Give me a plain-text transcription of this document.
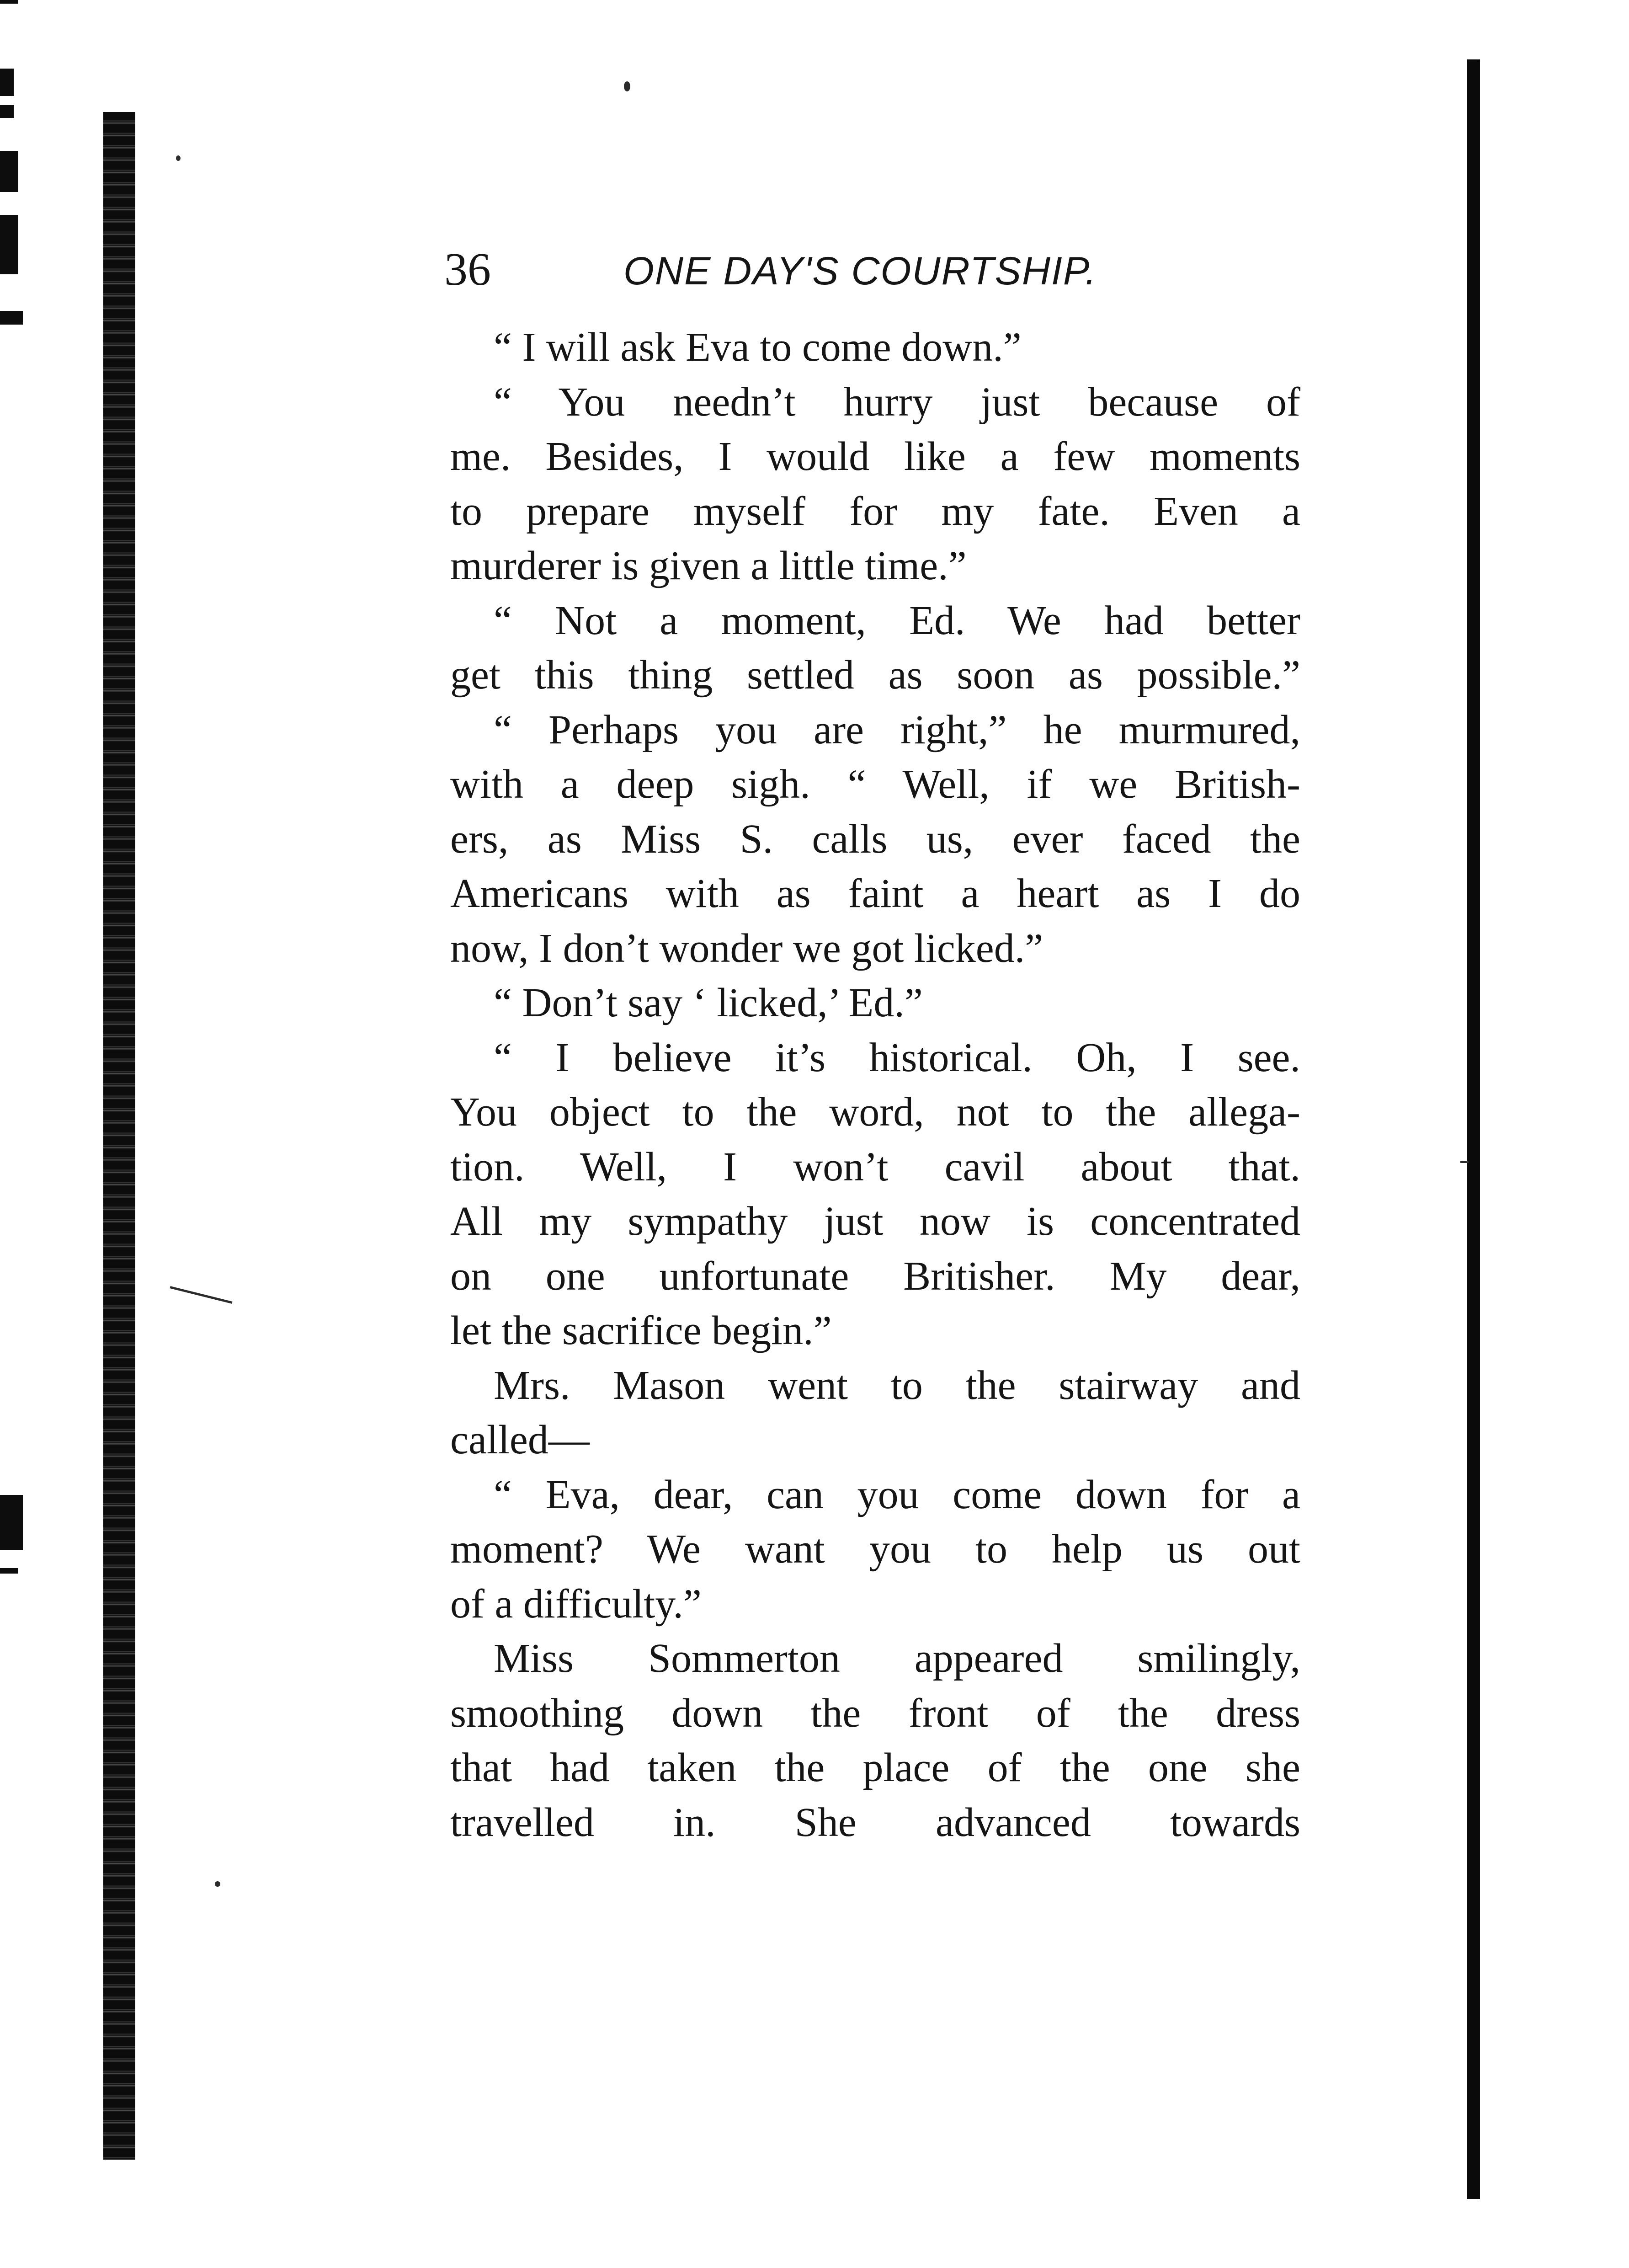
36	ONE DAY'S COURTSHIP.
“ I will ask Eva to come down.”
“ You needn’t hurry just because of
me. Besides, I would like a few moments
to prepare myself for my fate. Even a
murderer is given a little time.”
“ Not a moment, Ed. We had better
get this thing settled as soon as possible.”
“ Perhaps you are right,” he murmured,
with a deep sigh. “ Well, if we British-
ers, as Miss S. calls us, ever faced the
Americans with as faint a heart as I do
now, I don’t wonder we got licked.”
“ Don’t say ‘ licked,’ Ed.”
“ I believe it’s historical. Oh, I see.
You object to the word, not to the allega-
tion. Well, I won’t cavil about that.
All my sympathy just now is concentrated
on one unfortunate Britisher. My dear,
let the sacrifice begin.”
Mrs. Mason went to the stairway and
called—
“ Eva, dear, can you come down for a
moment? We want you to help us out
of a difficulty.”
Miss Sommerton appeared smilingly,
smoothing down the front of the dress
that had taken the place of the one she
travelled in. She advanced towards
